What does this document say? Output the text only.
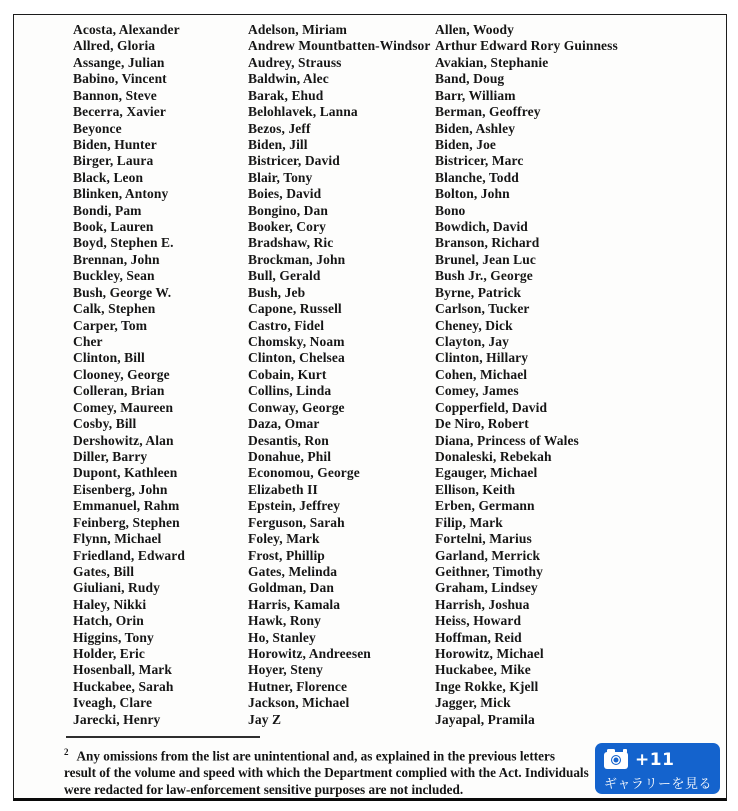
Acosta, Alexander
Allred, Gloria
Assange, Julian
Babino, Vincent
Bannon, Steve
Becerra, Xavier
Beyonce
Biden, Hunter
Birger, Laura
Black, Leon
Blinken, Antony
Bondi, Pam
Book, Lauren
Boyd, Stephen E.
Brennan, John
Buckley, Sean
Bush, George W.
Calk, Stephen
Carper, Tom
Cher
Clinton, Bill
Clooney, George
Colleran, Brian
Comey, Maureen
Cosby, Bill
Dershowitz, Alan
Diller, Barry
Dupont, Kathleen
Eisenberg, John
Emmanuel, Rahm
Feinberg, Stephen
Flynn, Michael
Friedland, Edward
Gates, Bill
Giuliani, Rudy
Haley, Nikki
Hatch, Orin
Higgins, Tony
Holder, Eric
Hosenball, Mark
Huckabee, Sarah
Iveagh, Clare
Jarecki, Henry
Adelson, Miriam
Andrew Mountbatten-Windsor
Audrey, Strauss
Baldwin, Alec
Barak, Ehud
Belohlavek, Lanna
Bezos, Jeff
Biden, Jill
Bistricer, David
Blair, Tony
Boies, David
Bongino, Dan
Booker, Cory
Bradshaw, Ric
Brockman, John
Bull, Gerald
Bush, Jeb
Capone, Russell
Castro, Fidel
Chomsky, Noam
Clinton, Chelsea
Cobain, Kurt
Collins, Linda
Conway, George
Daza, Omar
Desantis, Ron
Donahue, Phil
Economou, George
Elizabeth II
Epstein, Jeffrey
Ferguson, Sarah
Foley, Mark
Frost, Phillip
Gates, Melinda
Goldman, Dan
Harris, Kamala
Hawk, Rony
Ho, Stanley
Horowitz, Andreesen
Hoyer, Steny
Hutner, Florence
Jackson, Michael
Jay Z
Allen, Woody
Arthur Edward Rory Guinness
Avakian, Stephanie
Band, Doug
Barr, William
Berman, Geoffrey
Biden, Ashley
Biden, Joe
Bistricer, Marc
Blanche, Todd
Bolton, John
Bono
Bowdich, David
Branson, Richard
Brunel, Jean Luc
Bush Jr., George
Byrne, Patrick
Carlson, Tucker
Cheney, Dick
Clayton, Jay
Clinton, Hillary
Cohen, Michael
Comey, James
Copperfield, David
De Niro, Robert
Diana, Princess of Wales
Donaleski, Rebekah
Egauger, Michael
Ellison, Keith
Erben, Germann
Filip, Mark
Fortelni, Marius
Garland, Merrick
Geithner, Timothy
Graham, Lindsey
Harrish, Joshua
Heiss, Howard
Hoffman, Reid
Horowitz, Michael
Huckabee, Mike
Inge Rokke, Kjell
Jagger, Mick
Jayapal, Pramila
$^2$ Any omissions from the list are unintentional and, as explained in the previous letters
result of the volume and speed with which the Department complied with the Act. Individuals
were redacted for law-enforcement sensitive purposes are not included.
+11
ギャラリーを見る
